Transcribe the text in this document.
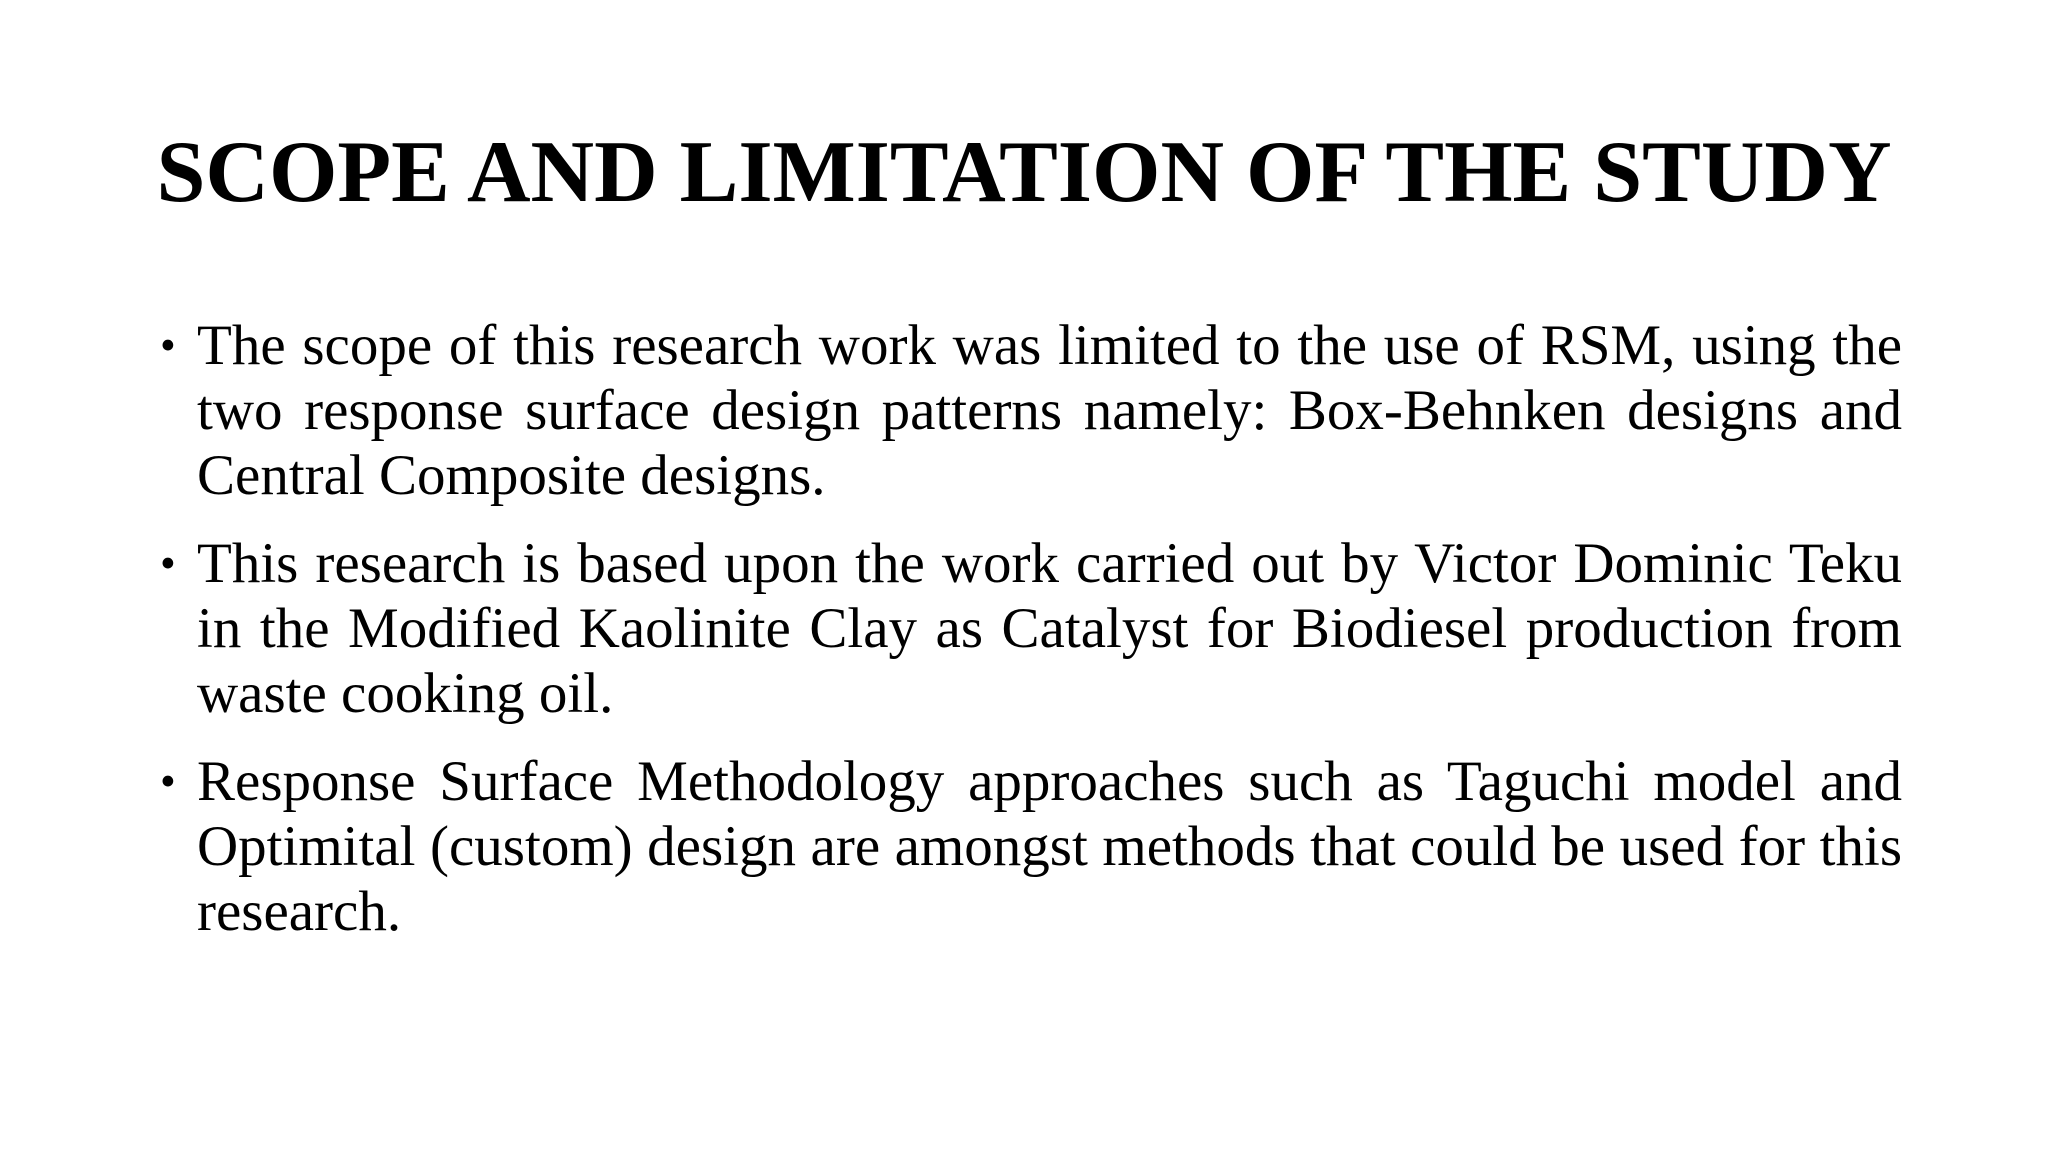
SCOPE AND LIMITATION OF THE STUDY
• The scope of this research work was limited to the use of RSM, using the two response surface design patterns namely: Box-Behnken designs and Central Composite designs.
• This research is based upon the work carried out by Victor Dominic Teku in the Modified Kaolinite Clay as Catalyst for Biodiesel production from waste cooking oil.
• Response Surface Methodology approaches such as Taguchi model and Optimital (custom) design are amongst methods that could be used for this research.
